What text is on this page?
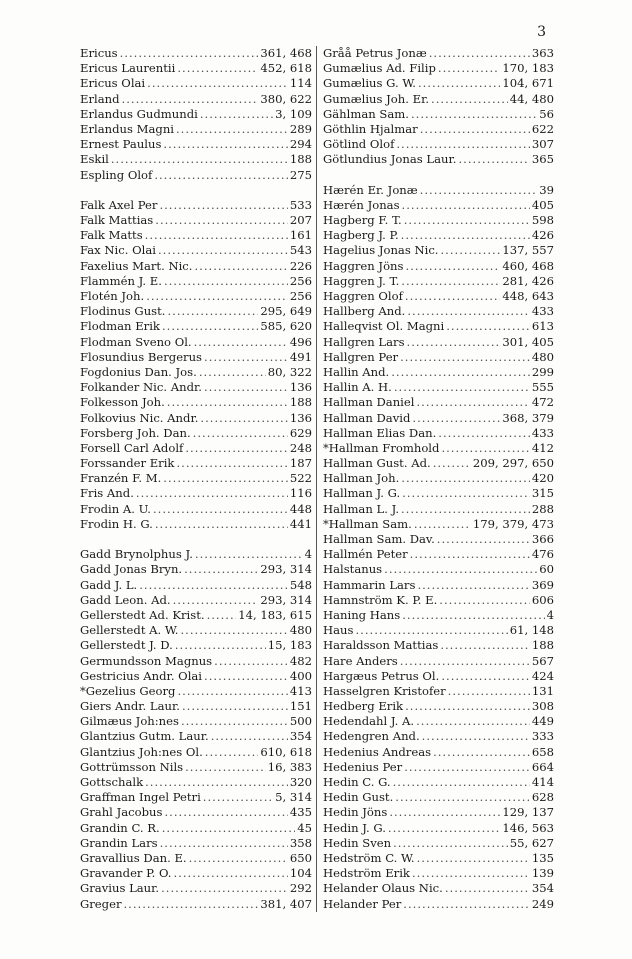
3
Ericus .....	361, 468
Ericus Laurentii .....	452, 618
Ericus Olai .....	114
Erland .....	380, 622
Erlandus Gudmundi .....	3, 109
Erlandus Magni .....	289
Ernest Paulus .....	294
Eskil .....	188
Espling Olof .....	275
Falk Axel Per .....	533
Falk Mattias .....	207
Falk Matts .....	161
Fax Nic. Olai .....	543
Faxelius Mart. Nic. .....	226
Flammén J. E. .....	256
Flotén Joh. .....	256
Flodinus Gust. .....	295, 649
Flodman Erik .....	585, 620
Flodman Sveno Ol. .....	496
Flosundius Bergerus .....	491
Fogdonius Dan. Jos. .....	80, 322
Folkander Nic. Andr. .....	136
Folkesson Joh. .....	188
Folkovius Nic. Andr. .....	136
Forsberg Joh. Dan. .....	629
Forsell Carl Adolf .....	248
Forssander Erik .....	187
Franzén F. M. .....	522
Fris And. .....	116
Frodin A. U. .....	448
Frodin H. G. .....	441
Gadd Brynolphus J. .....	4
Gadd Jonas Bryn. .....	293, 314
Gadd J. L. .....	548
Gadd Leon. Ad. .....	293, 314
Gellerstedt Ad. Krist. .....	14, 183, 615
Gellerstedt A. W. .....	480
Gellerstedt J. D. .....	15, 183
Germundsson Magnus .....	482
Gestricius Andr. Olai .....	400
*Gezelius Georg .....	413
Giers Andr. Laur. .....	151
Gilmæus Joh:nes .....	500
Glantzius Gutm. Laur. .....	354
Glantzius Joh:nes Ol. .....	610, 618
Gottrümsson Nils .....	16, 383
Gottschalk .....	320
Graffman Ingel Petri .....	5, 314
Grahl Jacobus .....	435
Grandin C. R. .....	45
Grandin Lars .....	358
Gravallius Dan. E. .....	650
Gravander P. O. .....	104
Gravius Laur. .....	292
Greger .....	381, 407
Gråå Petrus Jonæ .....	363
Gumælius Ad. Filip .....	170, 183
Gumælius G. W. .....	104, 671
Gumælius Joh. Er. .....	44, 480
Gählman Sam. .....	56
Göthlin Hjalmar .....	622
Götlind Olof .....	307
Götlundius Jonas Laur. .....	365
Hærén Er. Jonæ .....	39
Hærén Jonas .....	405
Hagberg F. T. .....	598
Hagberg J. P. .....	426
Hagelius Jonas Nic. .....	137, 557
Haggren Jöns .....	460, 468
Haggren J. T. .....	281, 426
Haggren Olof .....	448, 643
Hallberg And. .....	433
Halleqvist Ol. Magni .....	613
Hallgren Lars .....	301, 405
Hallgren Per .....	480
Hallin And. .....	299
Hallin A. H. .....	555
Hallman Daniel .....	472
Hallman David .....	368, 379
Hallman Elias Dan. .....	433
*Hallman Fromhold .....	412
Hallman Gust. Ad. .....	209, 297, 650
Hallman Joh. .....	420
Hallman J. G. .....	315
Hallman L. J. .....	288
*Hallman Sam. .....	179, 379, 473
Hallman Sam. Dav. .....	366
Hallmén Peter .....	476
Halstanus .....	60
Hammarin Lars .....	369
Hamnström K. P. E. .....	606
Haning Hans .....	4
Haus .....	61, 148
Haraldsson Mattias .....	188
Hare Anders .....	567
Hargæus Petrus Ol. .....	424
Hasselgren Kristofer .....	131
Hedberg Erik .....	308
Hedendahl J. A. .....	449
Hedengren And. .....	333
Hedenius Andreas .....	658
Hedenius Per .....	664
Hedin C. G. .....	414
Hedin Gust. .....	628
Hedin Jöns .....	129, 137
Hedin J. G. .....	146, 563
Hedin Sven .....	55, 627
Hedström C. W. .....	135
Hedström Erik .....	139
Helander Olaus Nic. .....	354
Helander Per .....	249
